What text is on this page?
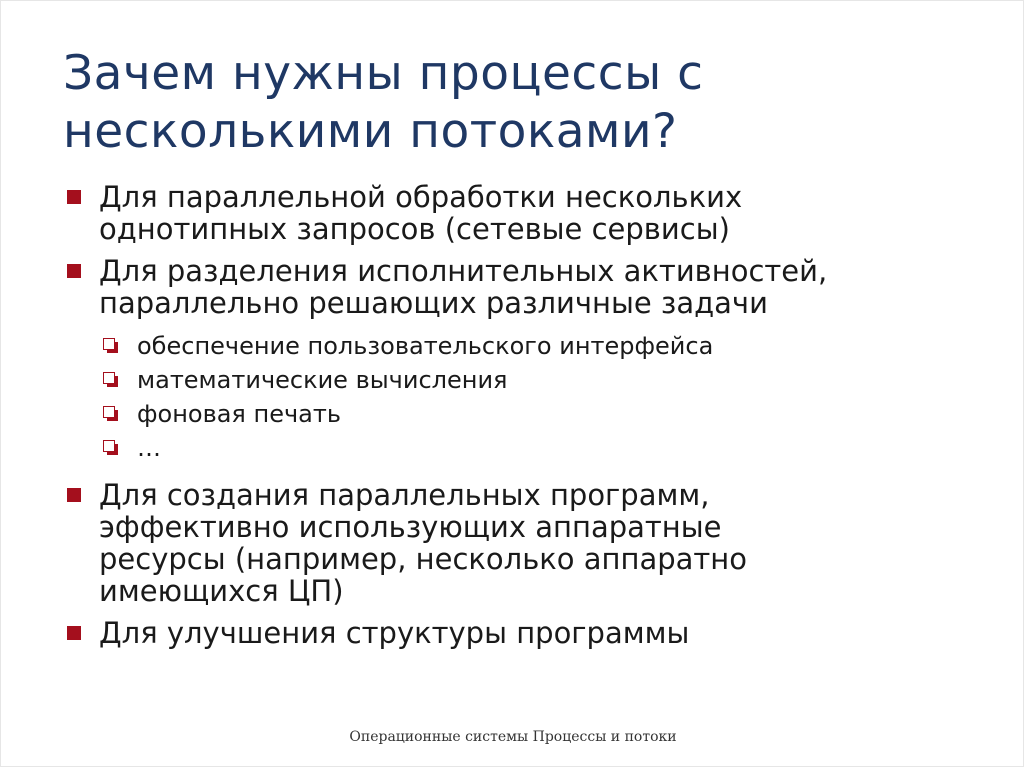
Зачем нужны процессы с
несколькими потоками?
Для параллельной обработки нескольких
однотипных запросов (сетевые сервисы)
Для разделения исполнительных активностей,
параллельно решающих различные задачи
обеспечение пользовательского интерфейса
математические вычисления
фоновая печать
…
Для создания параллельных программ,
эффективно использующих аппаратные
ресурсы (например, несколько аппаратно
имеющихся ЦП)
Для улучшения структуры программы
Операционные системы Процессы и потоки
